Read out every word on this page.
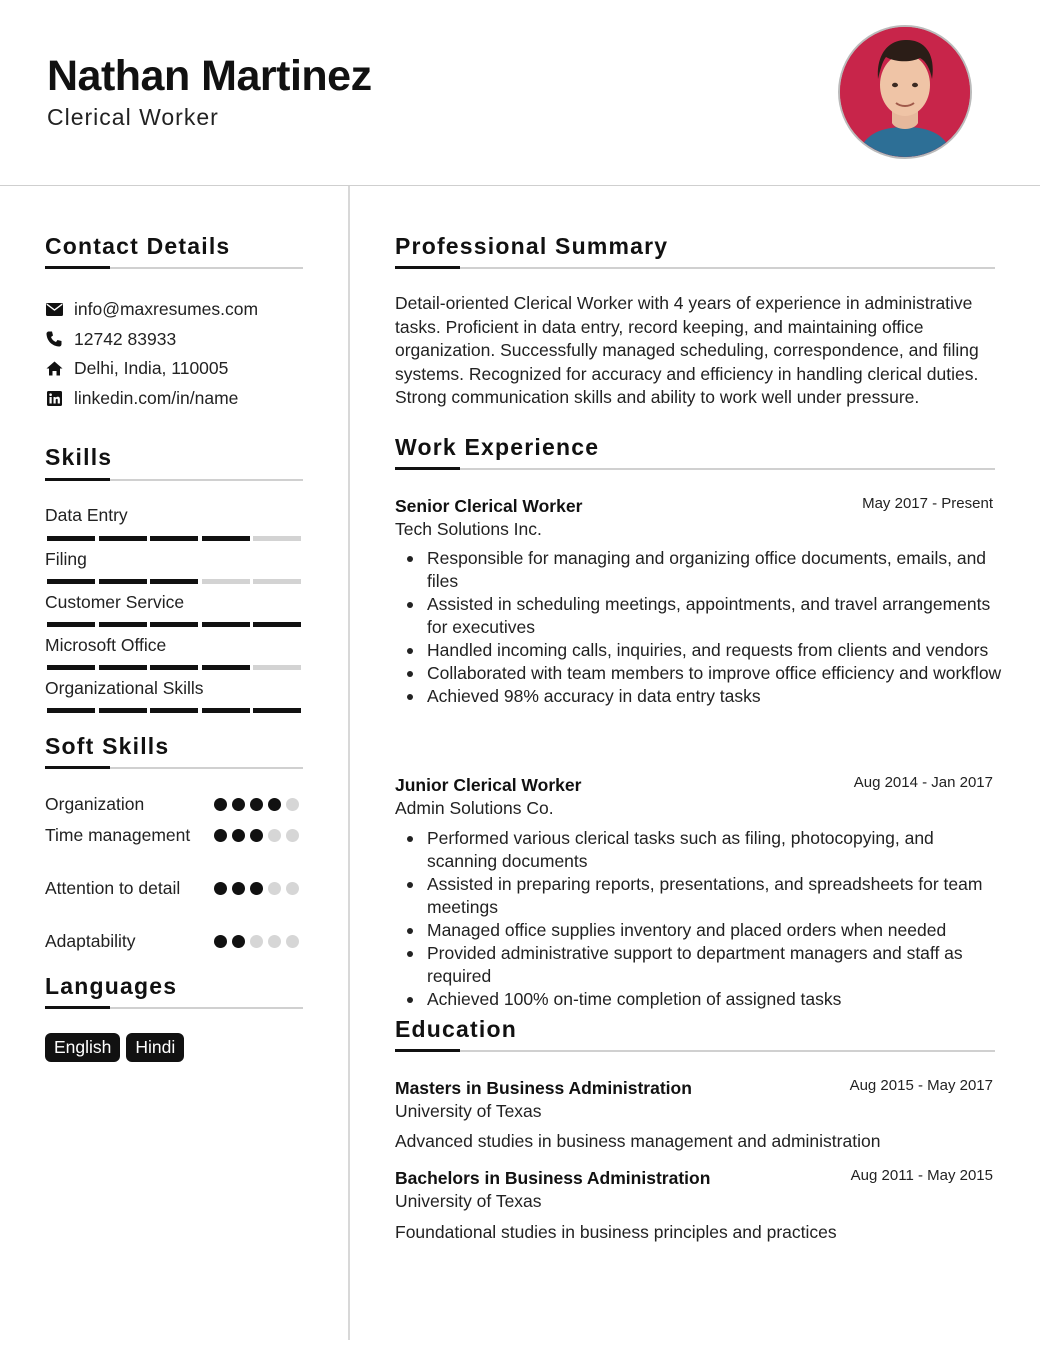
Nathan Martinez
Clerical Worker
Contact Details
info@maxresumes.com
12742 83933
Delhi, India, 110005
linkedin.com/in/name
Skills
Data Entry
Filing
Customer Service
Microsoft Office
Organizational Skills
Soft Skills
Organization
Time management
Attention to detail
Adaptability
Languages
English	Hindi
Professional Summary
Detail-oriented Clerical Worker with 4 years of experience in administrative tasks. Proficient in data entry, record keeping, and maintaining office organization. Successfully managed scheduling, correspondence, and filing systems. Recognized for accuracy and efficiency in handling clerical duties. Strong communication skills and ability to work well under pressure.
Work Experience
Senior Clerical Worker	May 2017 - Present
Tech Solutions Inc.
Responsible for managing and organizing office documents, emails, and files
Assisted in scheduling meetings, appointments, and travel arrangements for executives
Handled incoming calls, inquiries, and requests from clients and vendors
Collaborated with team members to improve office efficiency and workflow
Achieved 98% accuracy in data entry tasks
Junior Clerical Worker	Aug 2014 - Jan 2017
Admin Solutions Co.
Performed various clerical tasks such as filing, photocopying, and scanning documents
Assisted in preparing reports, presentations, and spreadsheets for team meetings
Managed office supplies inventory and placed orders when needed
Provided administrative support to department managers and staff as required
Achieved 100% on-time completion of assigned tasks
Education
Masters in Business Administration	Aug 2015 - May 2017
University of Texas
Advanced studies in business management and administration
Bachelors in Business Administration	Aug 2011 - May 2015
University of Texas
Foundational studies in business principles and practices
